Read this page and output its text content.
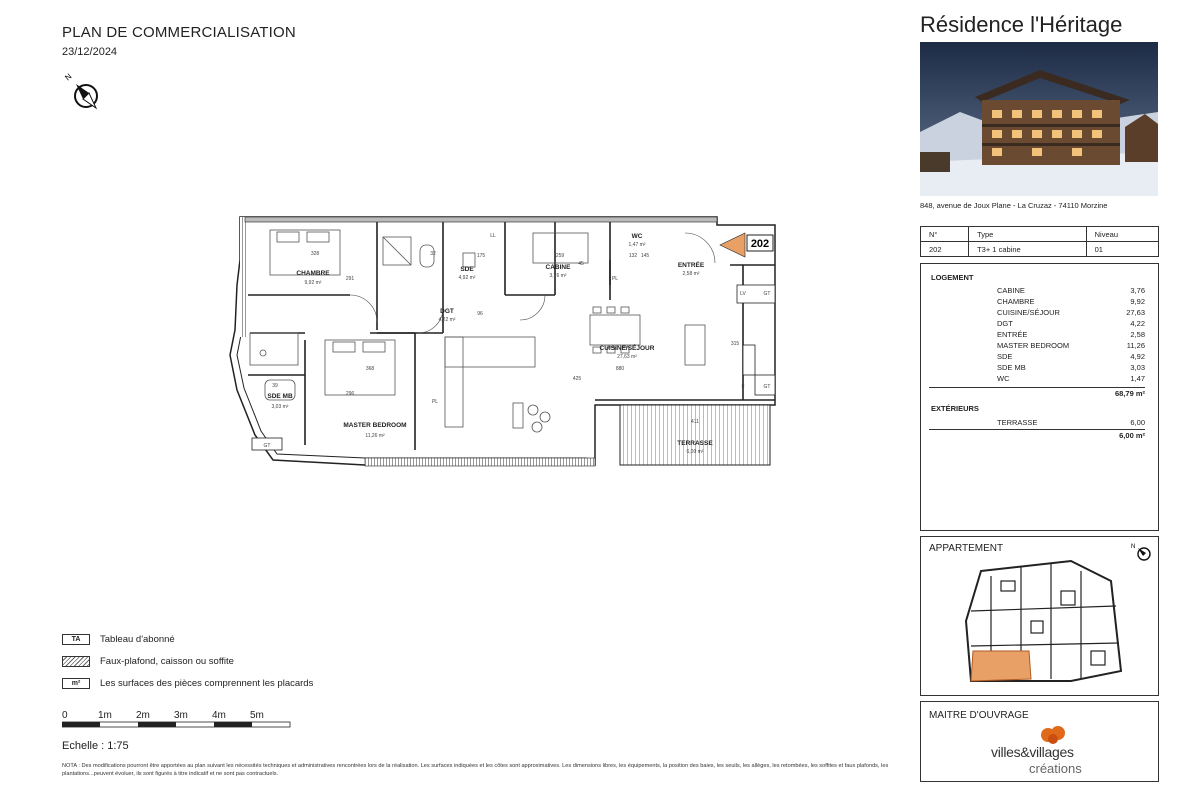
PLAN DE COMMERCIALISATION
23/12/2024
N
202
CHAMBRE
9,92 m²
SDE
4,92 m²
CABINE
3,76 m²
WC
1,47 m²
ENTRÉE
2,58 m²
DGT
4,22 m²
CUISINE/SÉJOUR
27,63 m²
SDE MB
3,03 m²
MASTER BEDROOM
11,26 m²
TERRASSE
6,00 m²
328
291
32	175	259
45
145
132
368
296
39
425
880
315
411
96
LL
LV	GT
GT
F
GT
PL
PL
TA	Tableau d'abonné
Faux-plafond, caisson ou soffite
m²	Les surfaces des pièces comprennent les placards
0	1m 2m 3m 4m 5m
Echelle : 1:75
NOTA : Des modifications pourront être apportées au plan suivant les nécessités techniques et administratives rencontrées lors de la réalisation. Les surfaces indiquées et les côtes sont approximatives. Les dimensions libres, les équipements, la position des baies, les seuils, les allèges, les retombées, les soffites et faux plafonds, les plantations...peuvent évoluer, ils sont figurés à titre indicatif et ne sont pas contractuels.
Résidence l'Héritage
848, avenue de Joux Plane - La Cruzaz - 74110 Morzine
N°	Type	Niveau
202	T3+ 1 cabine	01
LOGEMENT
CABINE	3,76
CHAMBRE	9,92
CUISINE/SÉJOUR	27,63
DGT	4,22
ENTRÉE	2,58
MASTER BEDROOM	11,26
SDE	4,92
SDE MB	3,03
WC	1,47
68,79 m²
EXTÉRIEURS
TERRASSE	6,00
6,00 m²
APPARTEMENT	N
MAITRE D'OUVRAGE
villes&villages
créations
